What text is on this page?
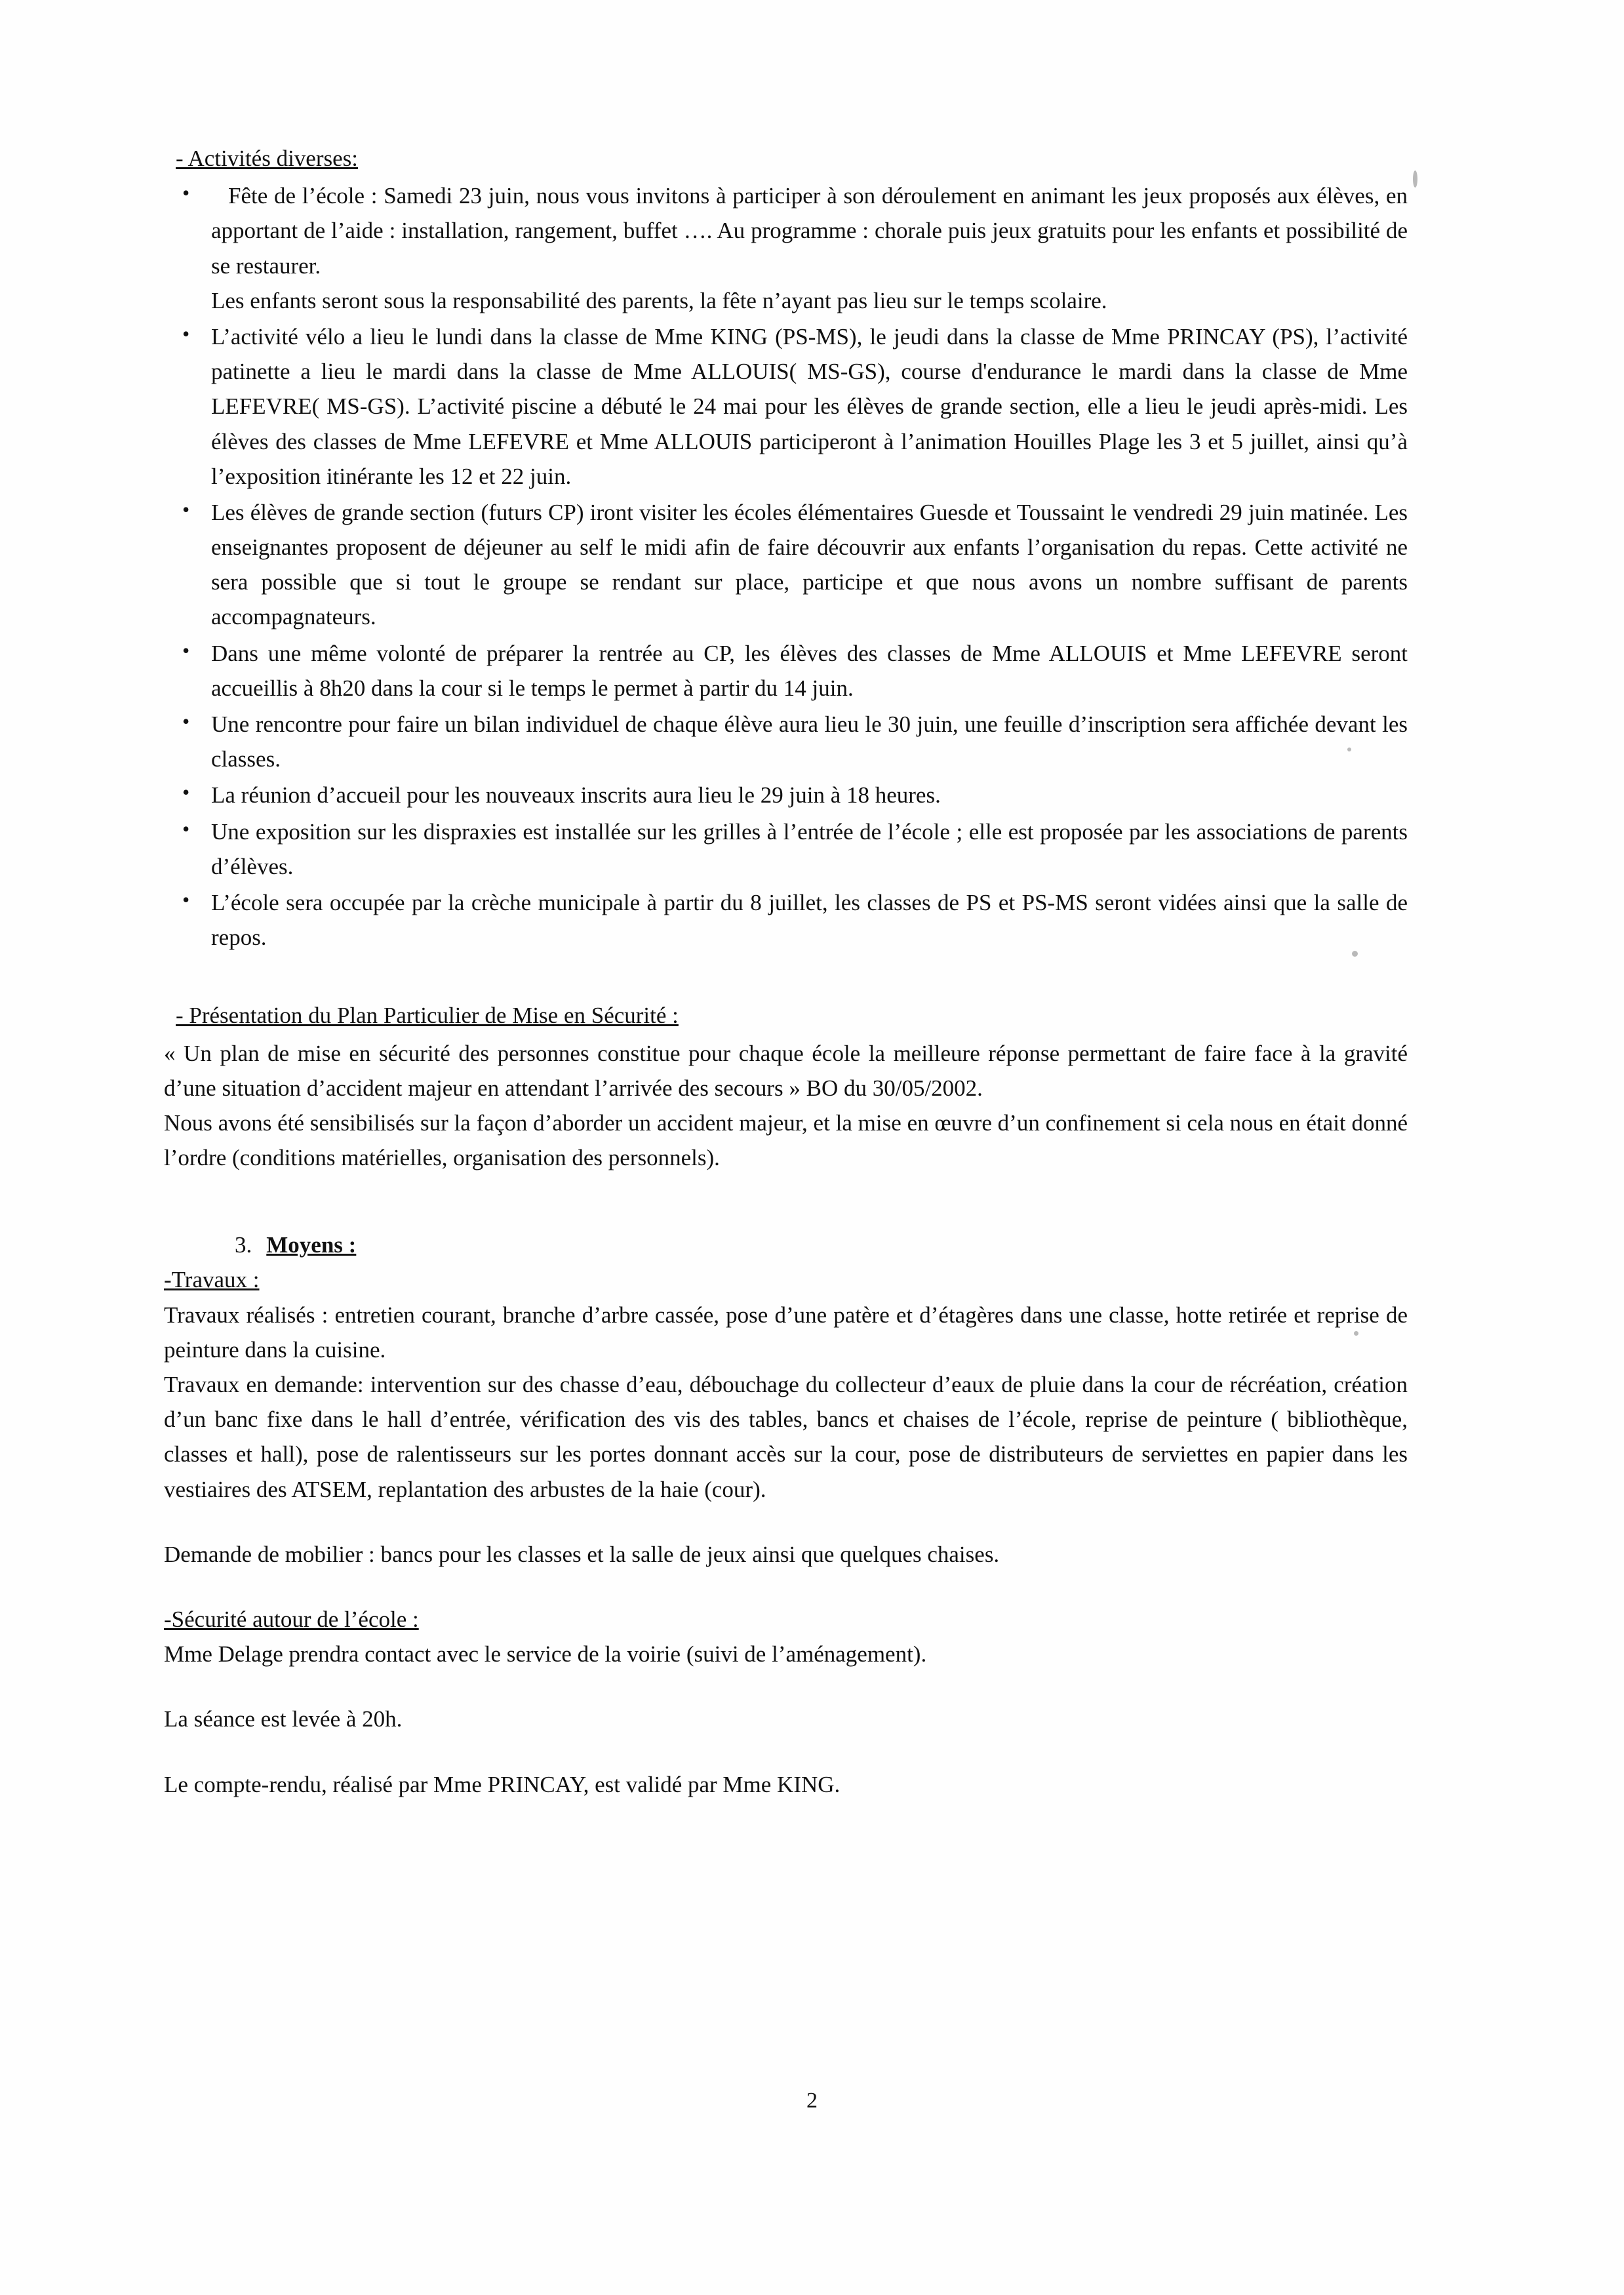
- Activités diverses:

• Fête de l’école : Samedi 23 juin, nous vous invitons à participer à son déroulement en animant les jeux proposés aux élèves, en apportant de l’aide : installation, rangement, buffet …. Au programme : chorale puis jeux gratuits pour les enfants et possibilité de se restaurer.

Les enfants seront sous la responsabilité des parents, la fête n’ayant pas lieu sur le temps scolaire.

• L’activité vélo a lieu le lundi dans la classe de Mme KING (PS-MS), le jeudi dans la classe de Mme PRINCAY (PS), l’activité patinette a lieu le mardi dans la classe de Mme ALLOUIS( MS-GS), course d'endurance le mardi dans la classe de Mme LEFEVRE( MS-GS). L’activité piscine a débuté le 24 mai pour les élèves de grande section, elle a lieu le jeudi après-midi. Les élèves des classes de Mme LEFEVRE et Mme ALLOUIS participeront à l’animation Houilles Plage les 3 et 5 juillet, ainsi qu’à l’exposition itinérante les 12 et 22 juin.

• Les élèves de grande section (futurs CP) iront visiter les écoles élémentaires Guesde et Toussaint le vendredi 29 juin matinée. Les enseignantes proposent de déjeuner au self le midi afin de faire découvrir aux enfants l’organisation du repas. Cette activité ne sera possible que si tout le groupe se rendant sur place, participe et que nous avons un nombre suffisant de parents accompagnateurs.

• Dans une même volonté de préparer la rentrée au CP, les élèves des classes de Mme ALLOUIS et Mme LEFEVRE seront accueillis à 8h20 dans la cour si le temps le permet à partir du 14 juin.

• Une rencontre pour faire un bilan individuel de chaque élève aura lieu le 30 juin, une feuille d’inscription sera affichée devant les classes.

• La réunion d’accueil pour les nouveaux inscrits aura lieu le 29 juin à 18 heures.

• Une exposition sur les dispraxies est installée sur les grilles à l’entrée de l’école ; elle est proposée par les associations de parents d’élèves.

• L’école sera occupée par la crèche municipale à partir du 8 juillet, les classes de PS et PS-MS seront vidées ainsi que la salle de repos.

- Présentation du Plan Particulier de Mise en Sécurité :

« Un plan de mise en sécurité des personnes constitue pour chaque école la meilleure réponse permettant de faire face à la gravité d’une situation d’accident majeur en attendant l’arrivée des secours » BO du 30/05/2002.

Nous avons été sensibilisés sur la façon d’aborder un accident majeur, et la mise en œuvre d’un confinement si cela nous en était donné l’ordre (conditions matérielles, organisation des personnels).

3. Moyens :

-Travaux :

Travaux réalisés : entretien courant, branche d’arbre cassée, pose d’une patère et d’étagères dans une classe, hotte retirée et reprise de peinture dans la cuisine.

Travaux en demande: intervention sur des chasse d’eau, débouchage du collecteur d’eaux de pluie dans la cour de récréation, création d’un banc fixe dans le hall d’entrée, vérification des vis des tables, bancs et chaises de l’école, reprise de peinture ( bibliothèque, classes et hall), pose de ralentisseurs sur les portes donnant accès sur la cour, pose de distributeurs de serviettes en papier dans les vestiaires des ATSEM, replantation des arbustes de la haie (cour).

Demande de mobilier : bancs pour les classes et la salle de jeux ainsi que quelques chaises.

-Sécurité autour de l’école :

Mme Delage prendra contact avec le service de la voirie (suivi de l’aménagement).

La séance est levée à 20h.

Le compte-rendu, réalisé par Mme PRINCAY, est validé par Mme KING.

2
